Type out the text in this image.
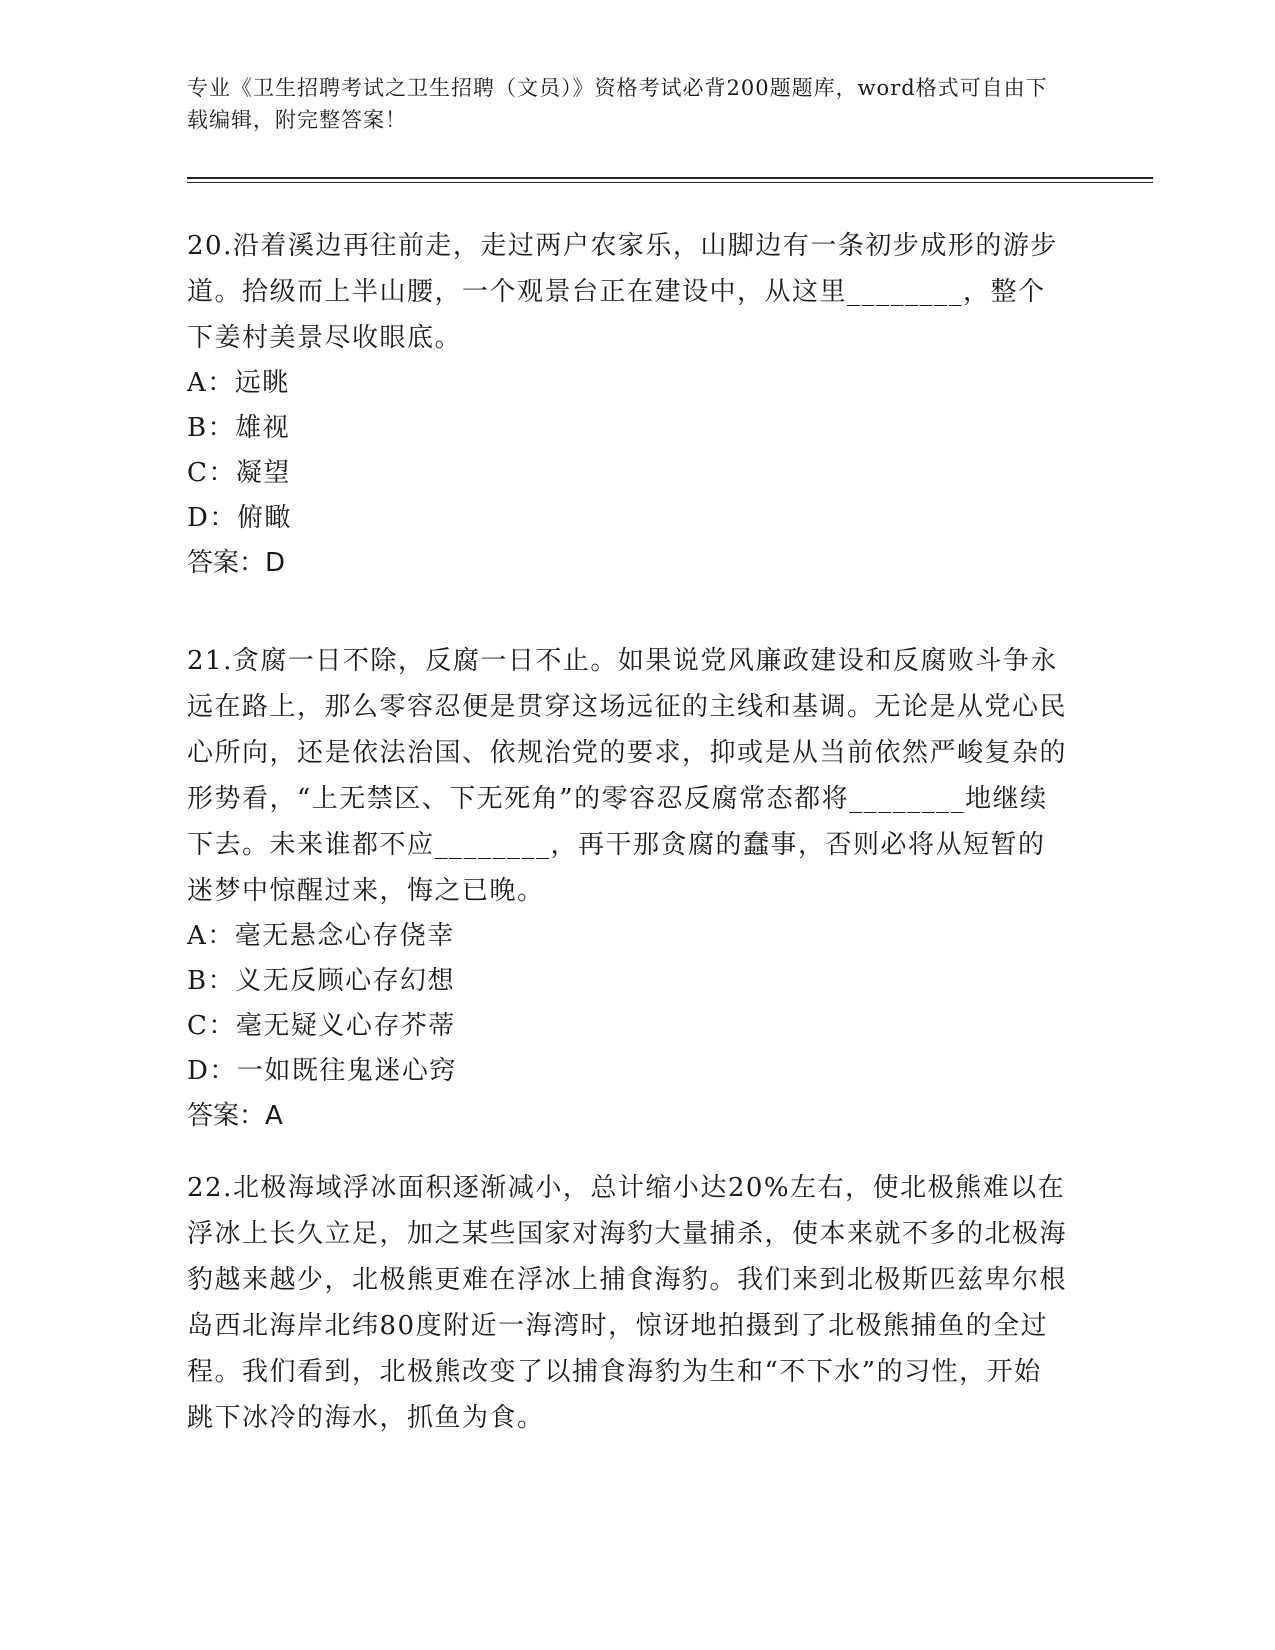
专业《卫生招聘考试之卫生招聘（文员）》资格考试必背200题题库，word格式可自由下载编辑，附完整答案！

20.沿着溪边再往前走，走过两户农家乐，山脚边有一条初步成形的游步道。拾级而上半山腰，一个观景台正在建设中，从这里________，整个下姜村美景尽收眼底。

A：远眺

B：雄视

C：凝望

D：俯瞰

答案：D

21.贪腐一日不除，反腐一日不止。如果说党风廉政建设和反腐败斗争永远在路上，那么零容忍便是贯穿这场远征的主线和基调。无论是从党心民心所向，还是依法治国、依规治党的要求，抑或是从当前依然严峻复杂的形势看，“上无禁区、下无死角”的零容忍反腐常态都将________地继续下去。未来谁都不应________，再干那贪腐的蠢事，否则必将从短暂的迷梦中惊醒过来，悔之已晚。

A：毫无悬念心存侥幸

B：义无反顾心存幻想

C：毫无疑义心存芥蒂

D：一如既往鬼迷心窍

答案：A

22.北极海域浮冰面积逐渐减小，总计缩小达20%左右，使北极熊难以在浮冰上长久立足，加之某些国家对海豹大量捕杀，使本来就不多的北极海豹越来越少，北极熊更难在浮冰上捕食海豹。我们来到北极斯匹兹卑尔根岛西北海岸北纬80度附近一海湾时，惊讶地拍摄到了北极熊捕鱼的全过程。我们看到，北极熊改变了以捕食海豹为生和“不下水”的习性，开始跳下冰冷的海水，抓鱼为食。
